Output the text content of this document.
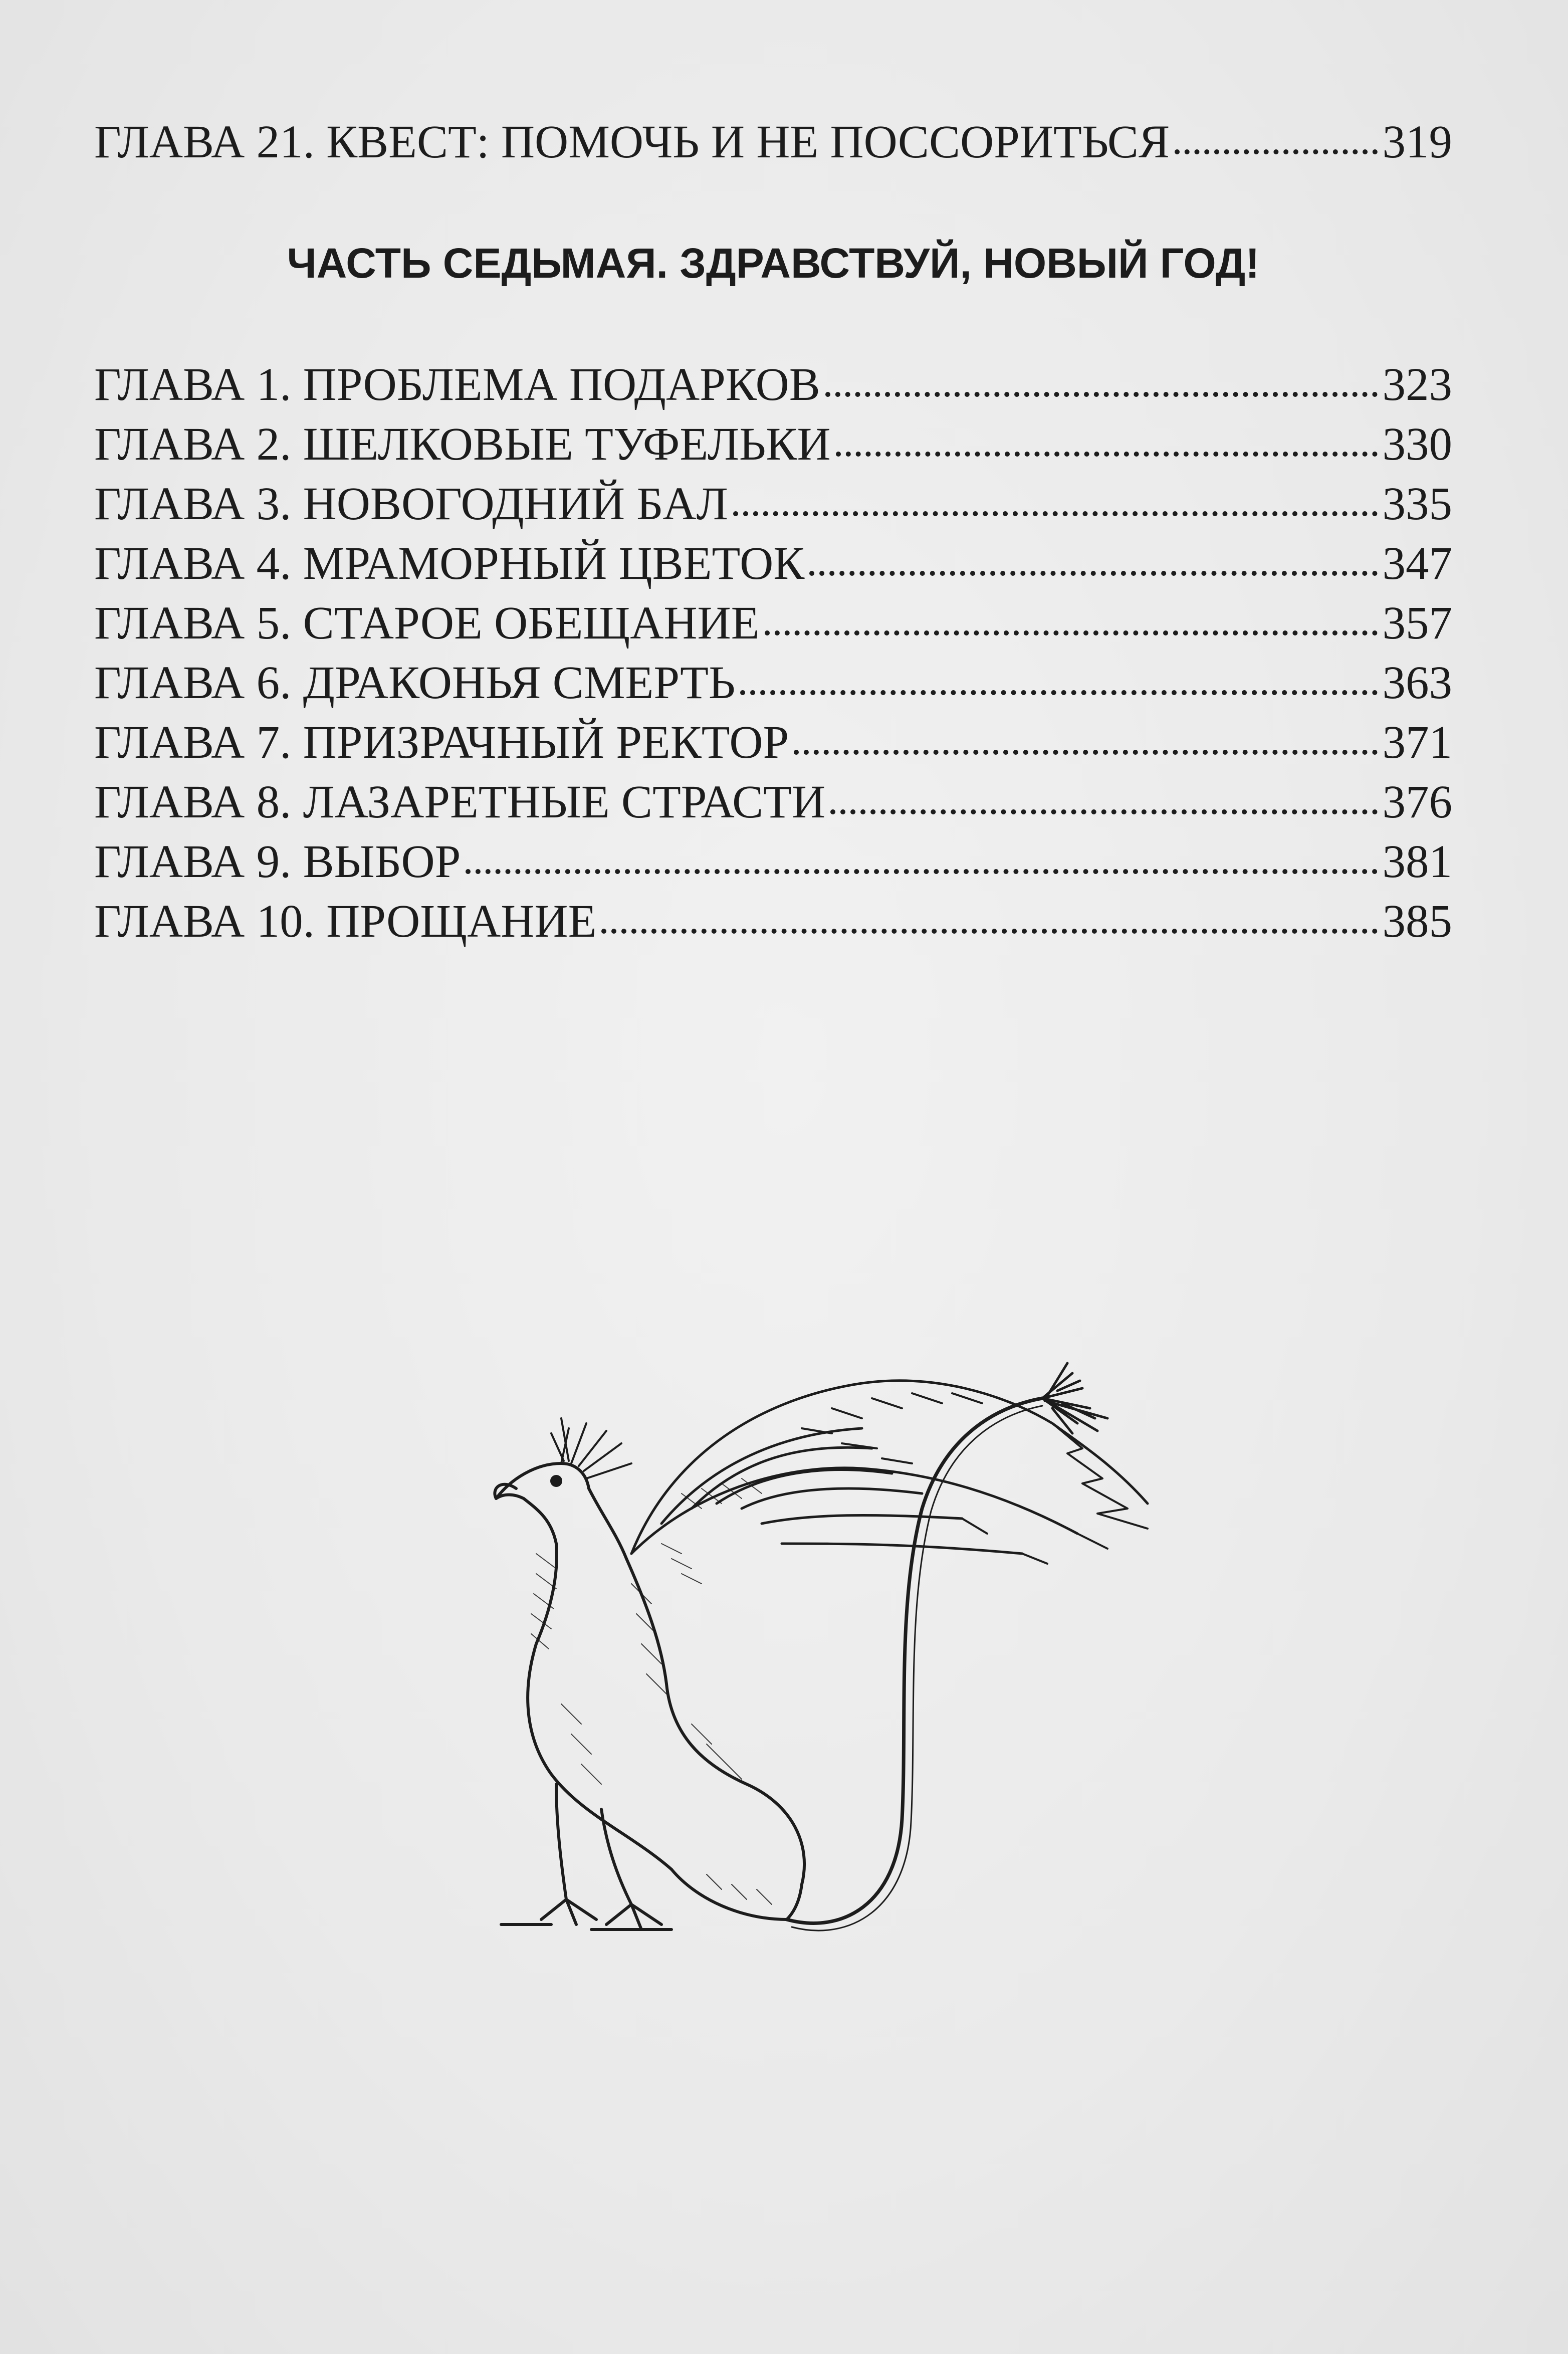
ГЛАВА 21. КВЕСТ: ПОМОЧЬ И НЕ ПОССОРИТЬСЯ	319
ЧАСТЬ СЕДЬМАЯ. ЗДРАВСТВУЙ, НОВЫЙ ГОД!
ГЛАВА 1. ПРОБЛЕМА ПОДАРКОВ	323
ГЛАВА 2. ШЕЛКОВЫЕ ТУФЕЛЬКИ	330
ГЛАВА 3. НОВОГОДНИЙ БАЛ	335
ГЛАВА 4. МРАМОРНЫЙ ЦВЕТОК	347
ГЛАВА 5. СТАРОЕ ОБЕЩАНИЕ	357
ГЛАВА 6. ДРАКОНЬЯ СМЕРТЬ	363
ГЛАВА 7. ПРИЗРАЧНЫЙ РЕКТОР	371
ГЛАВА 8. ЛАЗАРЕТНЫЕ СТРАСТИ	376
ГЛАВА 9. ВЫБОР	381
ГЛАВА 10. ПРОЩАНИЕ	385
